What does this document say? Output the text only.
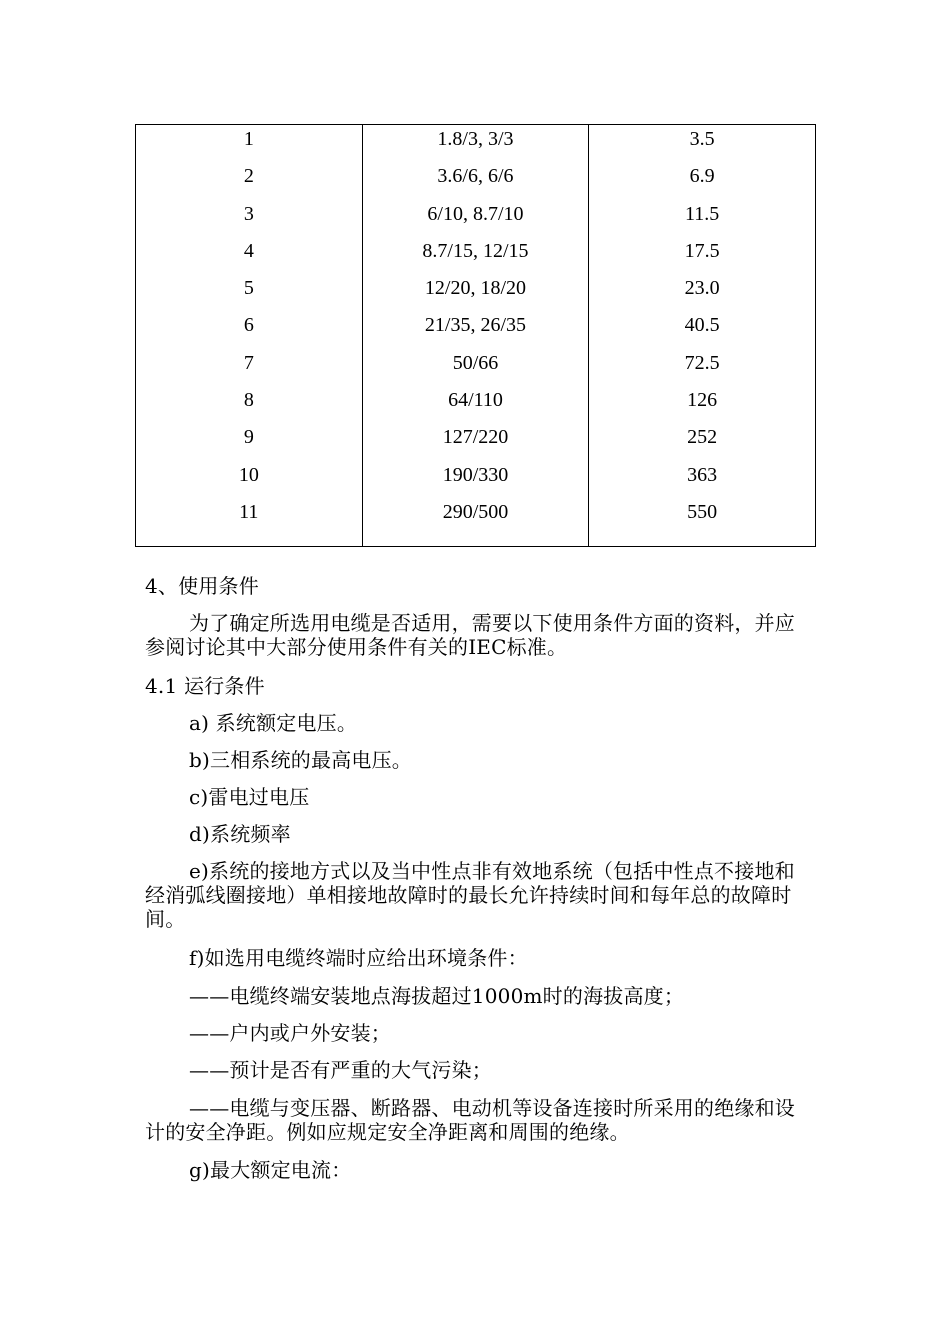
1	1.8/3, 3/3	3.5
2	3.6/6, 6/6	6.9
3	6/10, 8.7/10	11.5
4	8.7/15, 12/15	17.5
5	12/20, 18/20	23.0
6	21/35, 26/35	40.5
7	50/66	72.5
8	64/110	126
9	127/220	252
10	190/330	363
11	290/500	550
4、使用条件
为了确定所选用电缆是否适用，需要以下使用条件方面的资料，并应参阅讨论其中大部分使用条件有关的IEC标准。
4.1 运行条件
a) 系统额定电压。
b)三相系统的最高电压。
c)雷电过电压
d)系统频率
e)系统的接地方式以及当中性点非有效地系统（包括中性点不接地和经消弧线圈接地）单相接地故障时的最长允许持续时间和每年总的故障时间。
f)如选用电缆终端时应给出环境条件：
——电缆终端安装地点海拔超过1000m时的海拔高度；
——户内或户外安装；
——预计是否有严重的大气污染；
——电缆与变压器、断路器、电动机等设备连接时所采用的绝缘和设计的安全净距。例如应规定安全净距离和周围的绝缘。
g)最大额定电流：
